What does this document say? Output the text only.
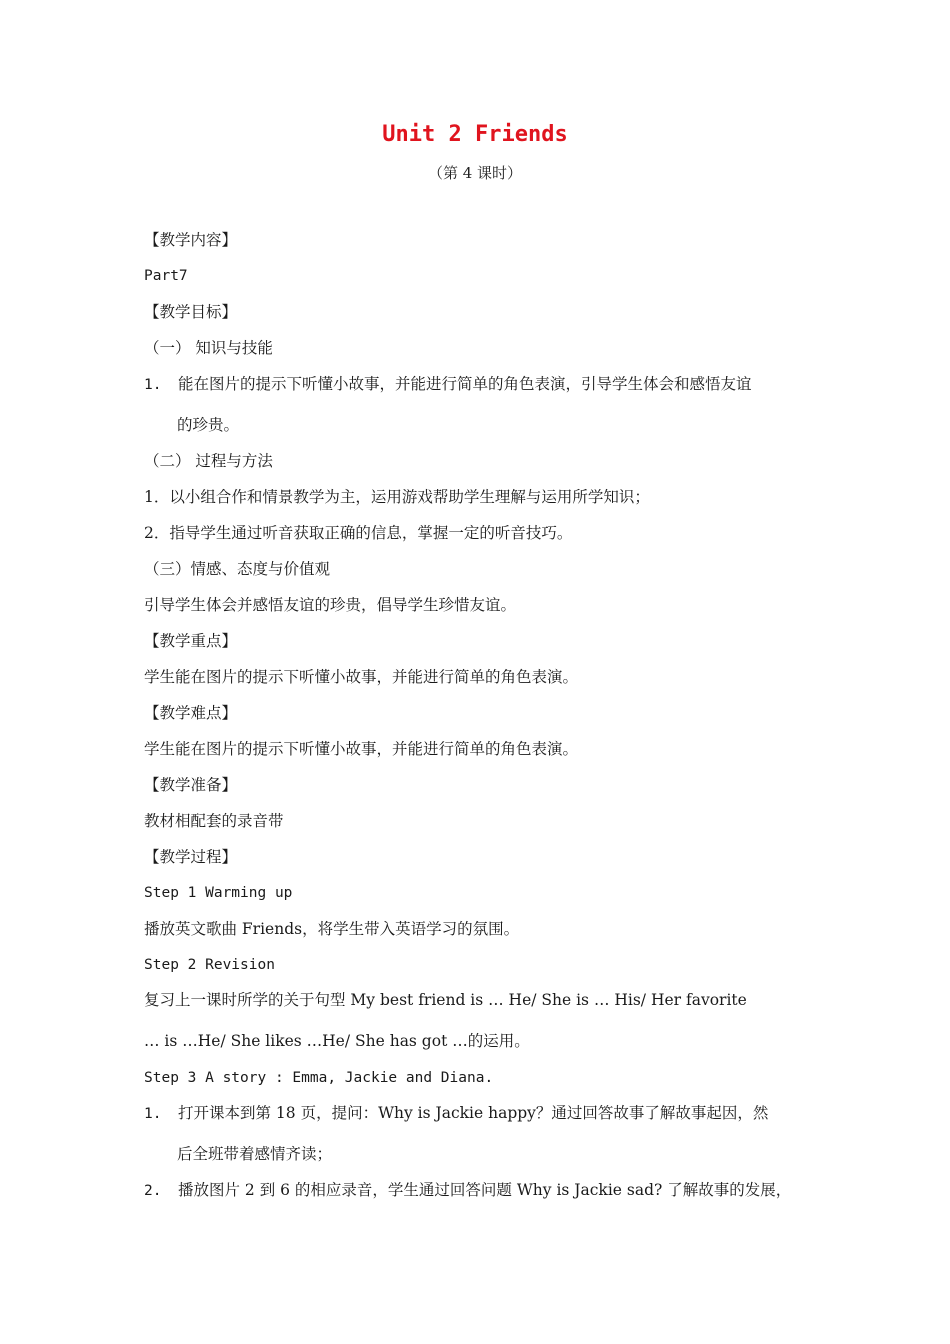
Unit 2 Friends
（第 4 课时）
【教学内容】
Part7
【教学目标】
（一） 知识与技能
1. 能在图片的提示下听懂小故事，并能进行简单的角色表演，引导学生体会和感悟友谊
的珍贵。
（二） 过程与方法
1．以小组合作和情景教学为主，运用游戏帮助学生理解与运用所学知识；
2．指导学生通过听音获取正确的信息，掌握一定的听音技巧。
（三）情感、态度与价值观
引导学生体会并感悟友谊的珍贵，倡导学生珍惜友谊。
【教学重点】
学生能在图片的提示下听懂小故事，并能进行简单的角色表演。
【教学难点】
学生能在图片的提示下听懂小故事，并能进行简单的角色表演。
【教学准备】
教材相配套的录音带
【教学过程】
Step 1 Warming up
播放英文歌曲 Friends，将学生带入英语学习的氛围。
Step 2 Revision
复习上一课时所学的关于句型 My best friend is … He/ She is … His/ Her favorite
… is …He/ She likes …He/ She has got …的运用。
Step 3 A story : Emma, Jackie and Diana.
1. 打开课本到第 18 页，提问：Why is Jackie happy？通过回答故事了解故事起因，然
后全班带着感情齐读；
2. 播放图片 2 到 6 的相应录音，学生通过回答问题 Why is Jackie sad? 了解故事的发展，
